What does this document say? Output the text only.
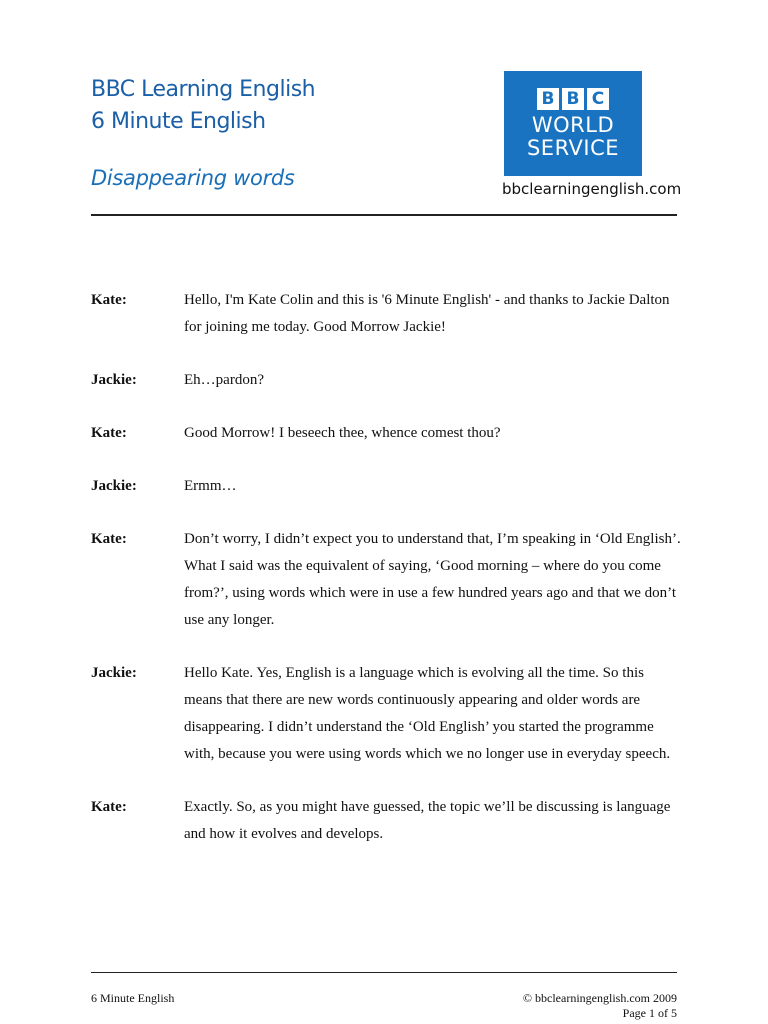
BBC Learning English
6 Minute English
Disappearing words
B B C
WORLD
SERVICE
bbclearningenglish.com
Kate:	Hello, I'm Kate Colin and this is '6 Minute English' - and thanks to Jackie Dalton for joining me today. Good Morrow Jackie!
Jackie:	Eh…pardon?
Kate:	Good Morrow! I beseech thee, whence comest thou?
Jackie:	Ermm…
Kate:	Don’t worry, I didn’t expect you to understand that, I’m speaking in ‘Old English’. What I said was the equivalent of saying, ‘Good morning – where do you come from?’, using words which were in use a few hundred years ago and that we don’t use any longer.
Jackie:	Hello Kate. Yes, English is a language which is evolving all the time. So this means that there are new words continuously appearing and older words are disappearing. I didn’t understand the ‘Old English’ you started the programme with, because you were using words which we no longer use in everyday speech.
Kate:	Exactly. So, as you might have guessed, the topic we’ll be discussing is language and how it evolves and develops.
6 Minute English	© bbclearningenglish.com 2009
Page 1 of 5
